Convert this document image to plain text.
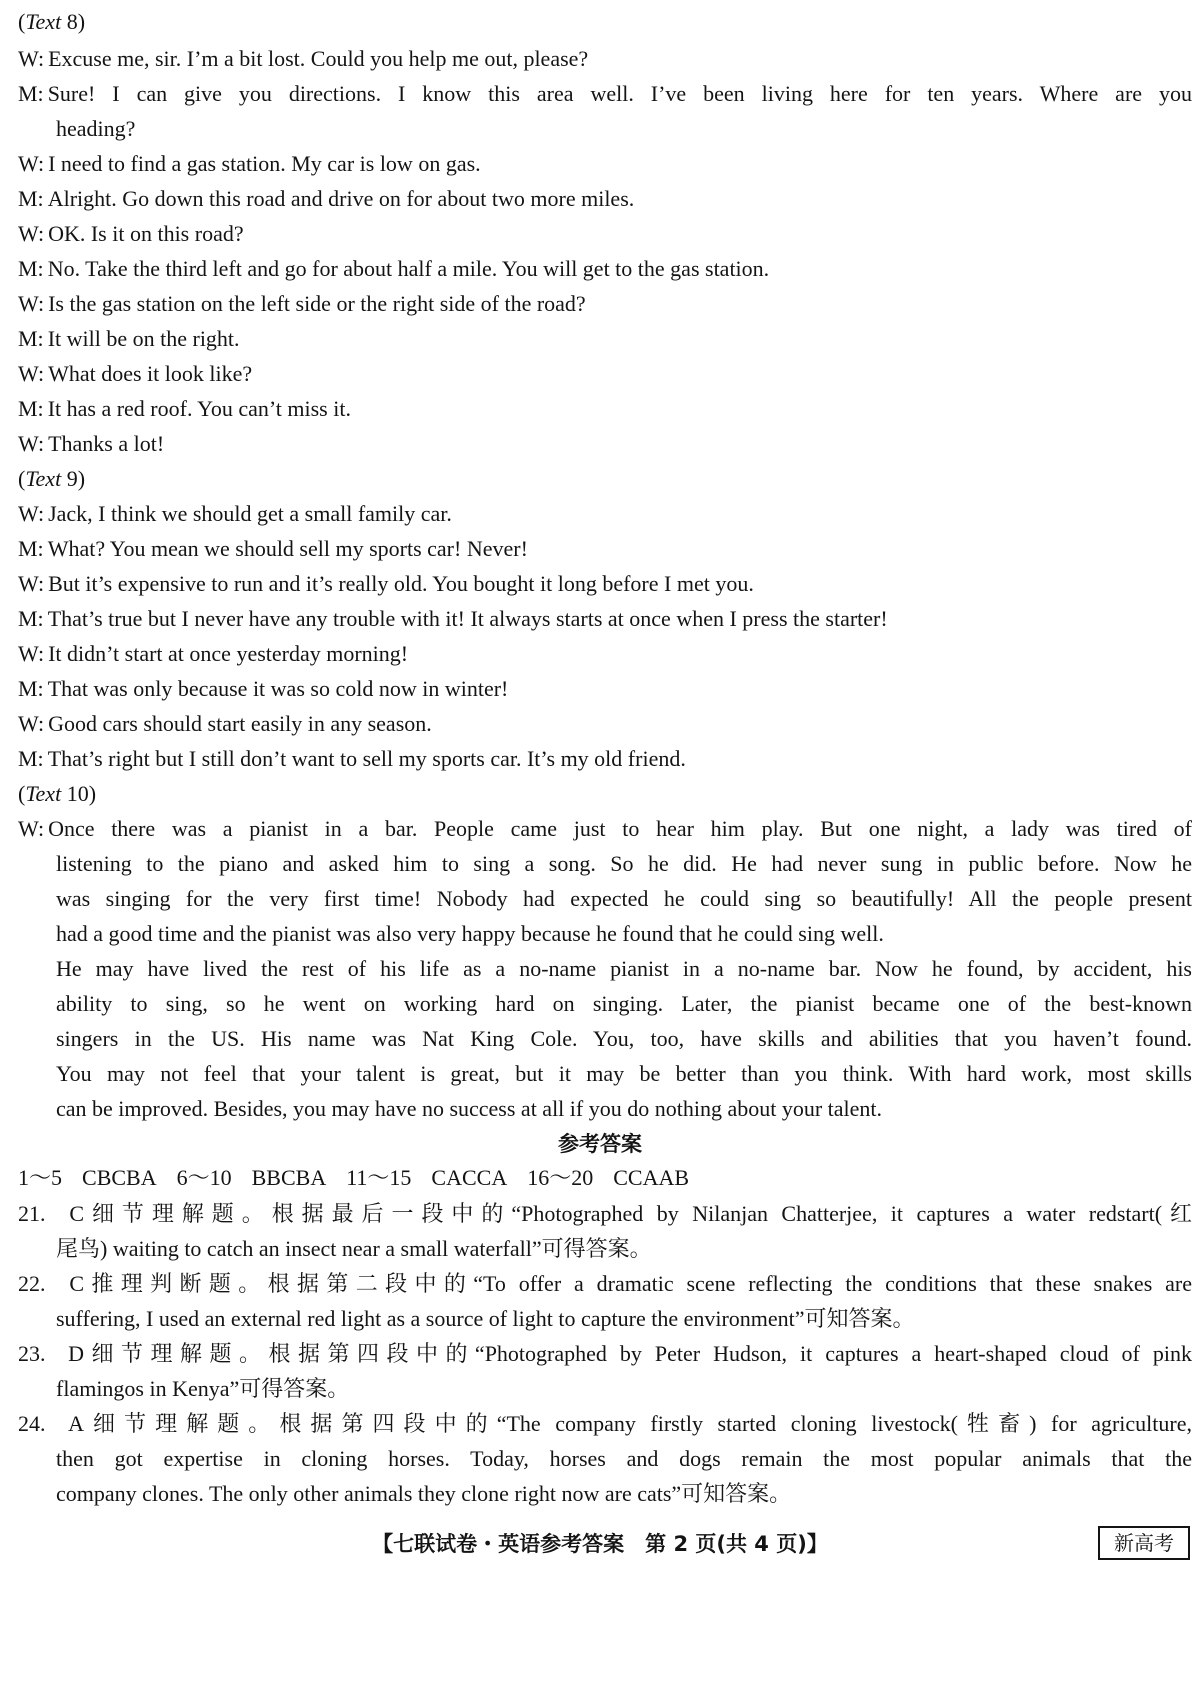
(Text 8)
W: Excuse me, sir. I’m a bit lost. Could you help me out, please?
M: Sure! I can give you directions. I know this area well. I’ve been living here for ten years. Where are you
heading?
W: I need to find a gas station. My car is low on gas.
M: Alright. Go down this road and drive on for about two more miles.
W: OK. Is it on this road?
M: No. Take the third left and go for about half a mile. You will get to the gas station.
W: Is the gas station on the left side or the right side of the road?
M: It will be on the right.
W: What does it look like?
M: It has a red roof. You can’t miss it.
W: Thanks a lot!
(Text 9)
W: Jack, I think we should get a small family car.
M: What? You mean we should sell my sports car! Never!
W: But it’s expensive to run and it’s really old. You bought it long before I met you.
M: That’s true but I never have any trouble with it! It always starts at once when I press the starter!
W: It didn’t start at once yesterday morning!
M: That was only because it was so cold now in winter!
W: Good cars should start easily in any season.
M: That’s right but I still don’t want to sell my sports car. It’s my old friend.
(Text 10)
W: Once there was a pianist in a bar. People came just to hear him play. But one night, a lady was tired of
listening to the piano and asked him to sing a song. So he did. He had never sung in public before. Now he
was singing for the very first time! Nobody had expected he could sing so beautifully! All the people present
had a good time and the pianist was also very happy because he found that he could sing well.
He may have lived the rest of his life as a no-name pianist in a no-name bar. Now he found, by accident, his
ability to sing, so he went on working hard on singing. Later, the pianist became one of the best-known
singers in the US. His name was Nat King Cole. You, too, have skills and abilities that you haven’t found.
You may not feel that your talent is great, but it may be better than you think. With hard work, most skills
can be improved. Besides, you may have no success at all if you do nothing about your talent.
参考答案
1～5 CBCBA 6～10 BBCBA 11～15 CACCA 16～20 CCAAB
21. C细节理解题。根据最后一段中的“Photographed by Nilanjan Chatterjee, it captures a water redstart(红
尾鸟) waiting to catch an insect near a small waterfall”可得答案。
22. C推理判断题。根据第二段中的“To offer a dramatic scene reflecting the conditions that these snakes are
suffering, I used an external red light as a source of light to capture the environment”可知答案。
23. D细节理解题。根据第四段中的“Photographed by Peter Hudson, it captures a heart-shaped cloud of pink
flamingos in Kenya”可得答案。
24. A细节理解题。根据第四段中的“The company firstly started cloning livestock(牲畜) for agriculture,
then got expertise in cloning horses. Today, horses and dogs remain the most popular animals that the
company clones. The only other animals they clone right now are cats”可知答案。
【七联试卷・英语参考答案　第 2 页(共 4 页)】	新高考
